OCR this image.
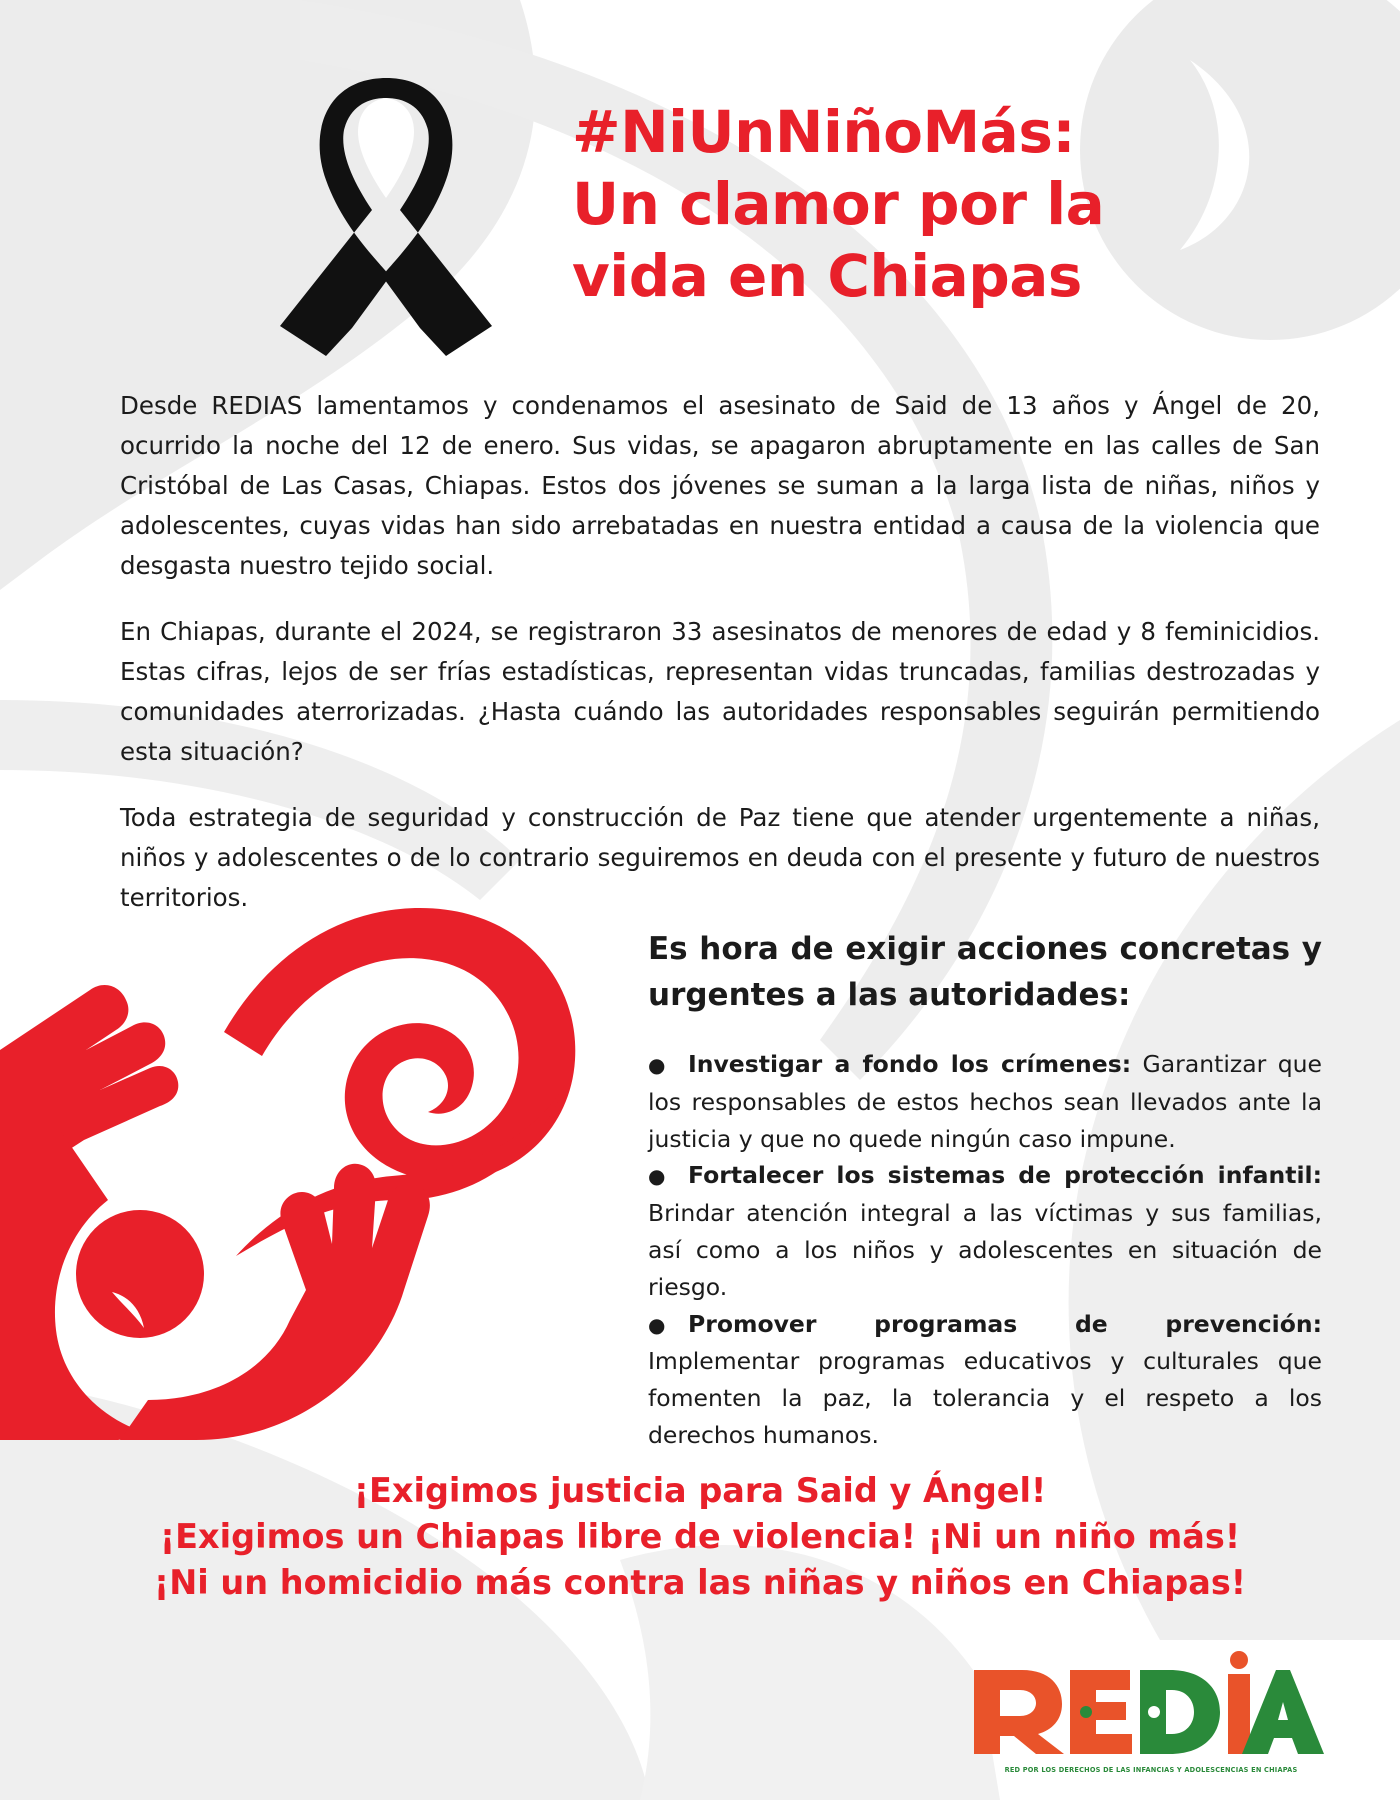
#NiUnNiñoMás:
Un clamor por la
vida en Chiapas

Desde REDIAS lamentamos y condenamos el asesinato de Said de 13 años y Ángel de 20, ocurrido la noche del 12 de enero. Sus vidas, se apagaron abruptamente en las calles de San Cristóbal de Las Casas, Chiapas. Estos dos jóvenes se suman a la larga lista de niñas, niños y adolescentes, cuyas vidas han sido arrebatadas en nuestra entidad a causa de la violencia que desgasta nuestro tejido social.

En Chiapas, durante el 2024, se registraron 33 asesinatos de menores de edad y 8 feminicidios. Estas cifras, lejos de ser frías estadísticas, representan vidas truncadas, familias destrozadas y comunidades aterrorizadas. ¿Hasta cuándo las autoridades responsables seguirán permitiendo esta situación?

Toda estrategia de seguridad y construcción de Paz tiene que atender urgentemente a niñas, niños y adolescentes o de lo contrario seguiremos en deuda con el presente y futuro de nuestros territorios.

Es hora de exigir acciones concretas y urgentes a las autoridades:
● Investigar a fondo los crímenes: Garantizar que los responsables de estos hechos sean llevados ante la justicia y que no quede ningún caso impune.
● Fortalecer los sistemas de protección infantil: Brindar atención integral a las víctimas y sus familias, así como a los niños y adolescentes en situación de riesgo.
● Promover programas de prevención: Implementar programas educativos y culturales que fomenten la paz, la tolerancia y el respeto a los derechos humanos.
¡Exigimos justicia para Said y Ángel!
¡Exigimos un Chiapas libre de violencia! ¡Ni un niño más!
¡Ni un homicidio más contra las niñas y niños en Chiapas!
RED POR LOS DERECHOS DE LAS INFANCIAS Y ADOLESCENCIAS EN CHIAPAS
